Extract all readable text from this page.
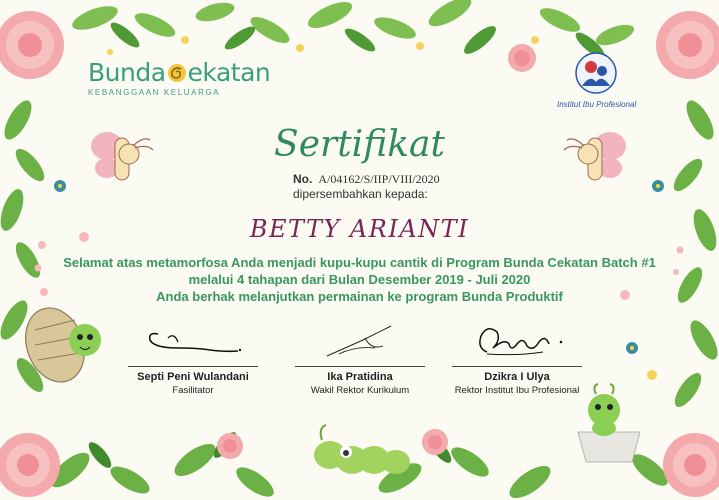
Bunda ekatan
KEBANGGAAN KELUARGA
Institut Ibu Profesional
Sertifikat
No. A/04162/S/IIP/VIII/2020
dipersembahkan kepada:
BETTY ARIANTI
Selamat atas metamorfosa Anda menjadi kupu-kupu cantik di Program Bunda Cekatan Batch #1
melalui 4 tahapan dari Bulan Desember 2019 - Juli 2020
Anda berhak melanjutkan permainan ke program Bunda Produktif
Septi Peni Wulandani
Fasilitator
Ika Pratidina
Wakil Rektor Kurikulum
Dzikra I Ulya
Rektor Institut Ibu Profesional
